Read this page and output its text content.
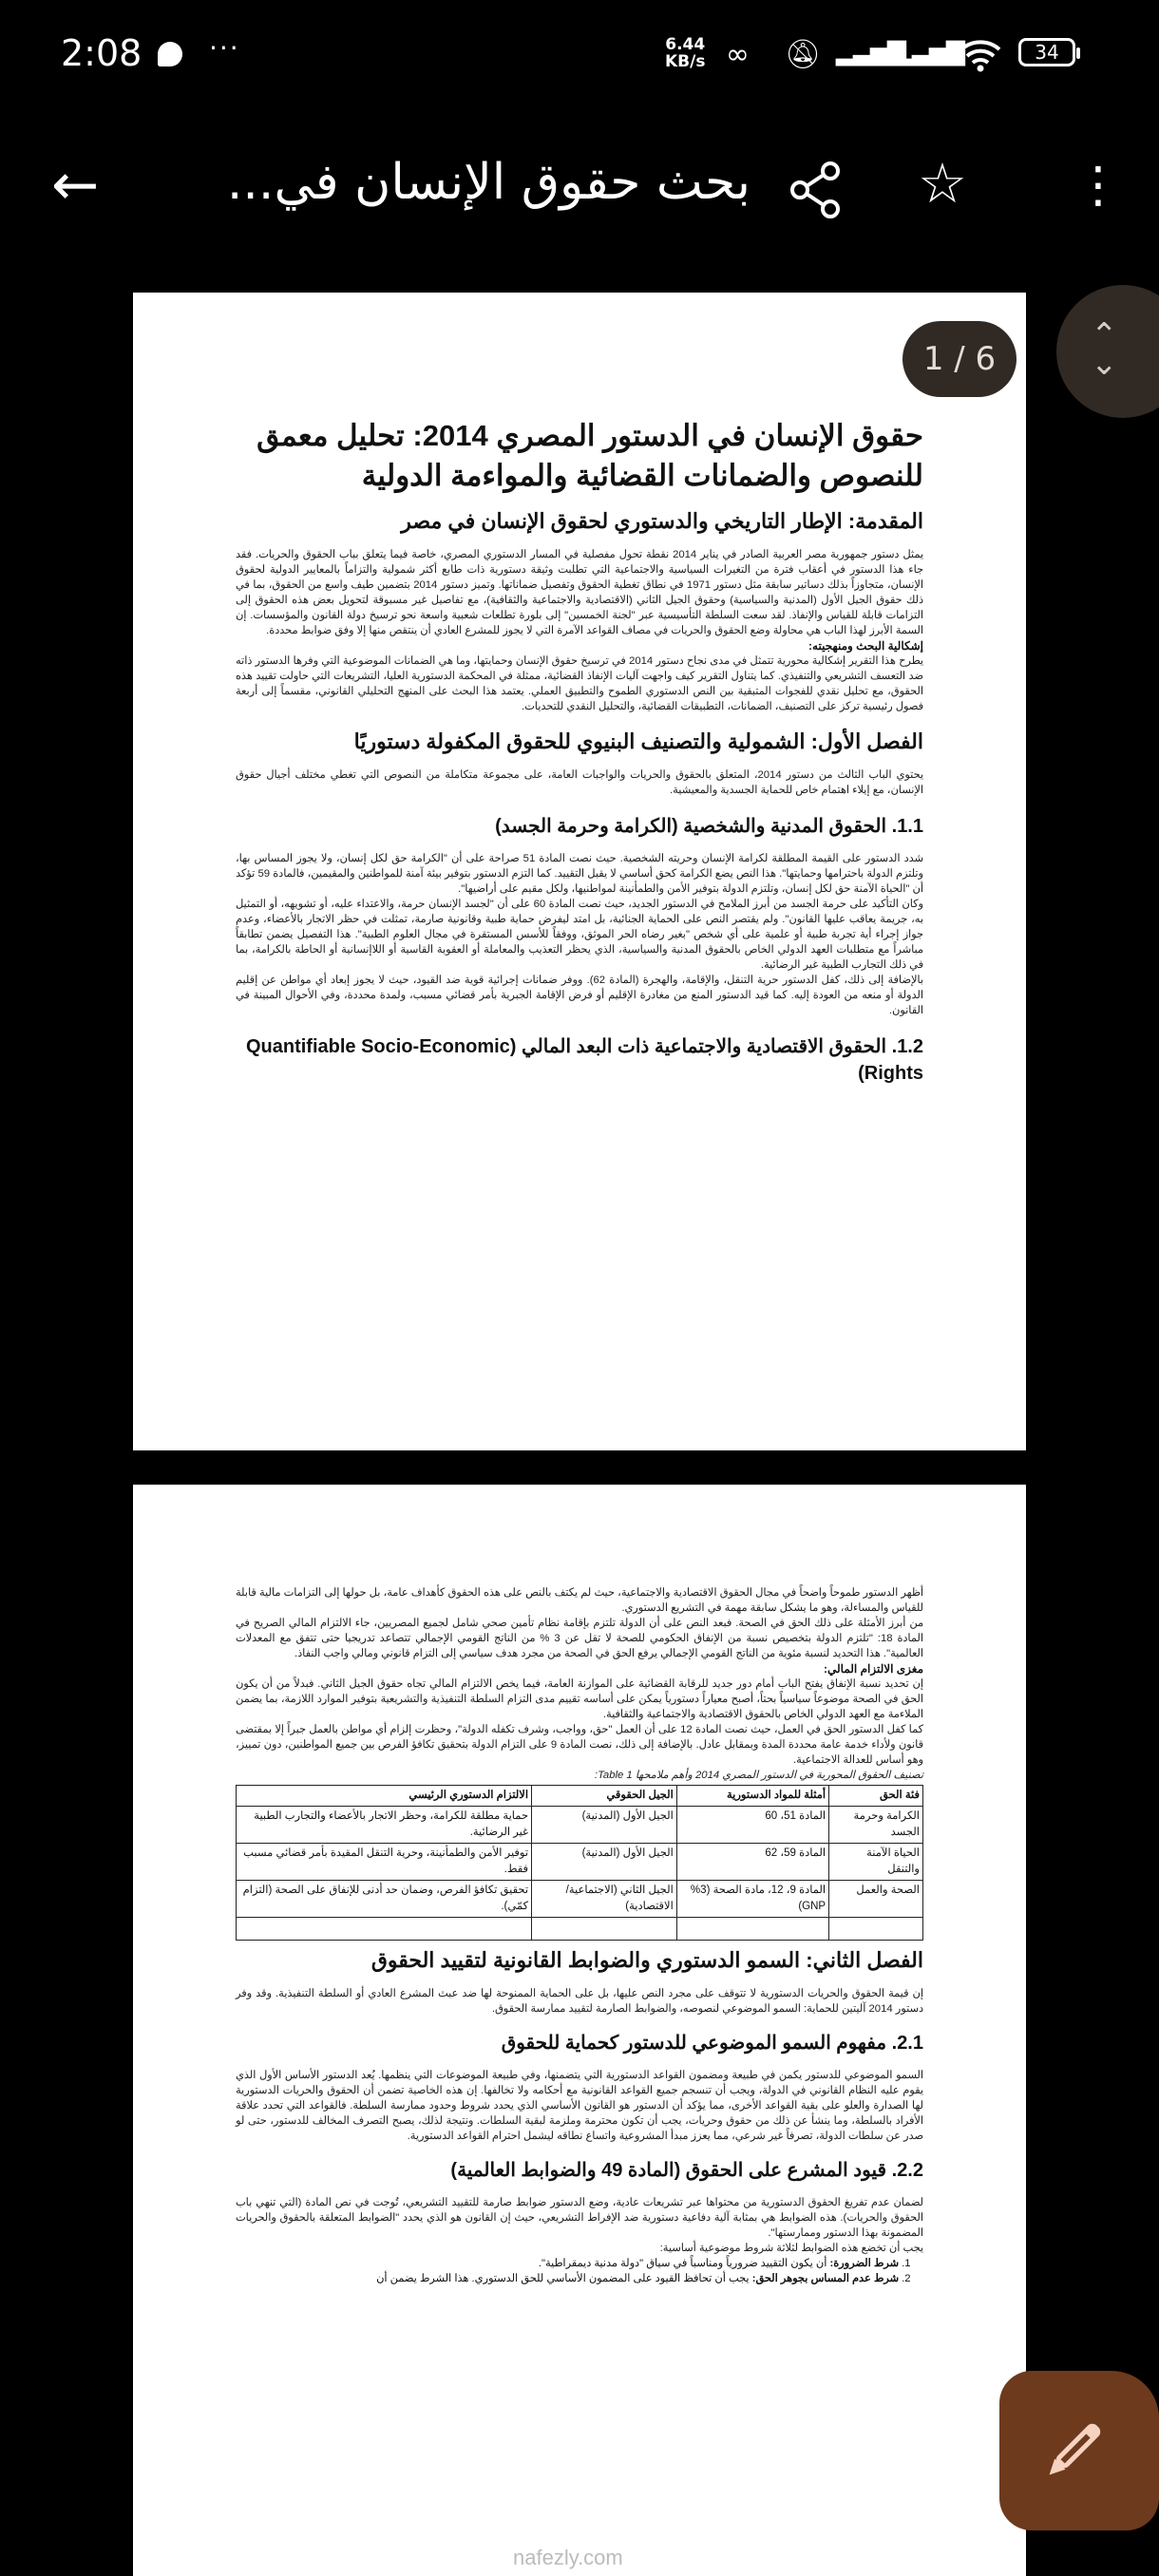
2:08	···	6.44
KB/s ∞ 🔕︎ ▂▃▅▇
▂▃▅▇	34
←	بحث حقوق الإنسان في...	☆ ⋮
حقوق الإنسان في الدستور المصري 2014: تحليل معمق للنصوص والضمانات القضائية والمواءمة الدولية
المقدمة: الإطار التاريخي والدستوري لحقوق الإنسان في مصر
يمثل دستور جمهورية مصر العربية الصادر في يناير 2014 نقطة تحول مفصلية في المسار الدستوري المصري، خاصة فيما يتعلق بباب الحقوق والحريات. فقد جاء هذا الدستور في أعقاب فترة من التغيرات السياسية والاجتماعية التي تطلبت وثيقة دستورية ذات طابع أكثر شمولية والتزاماً بالمعايير الدولية لحقوق الإنسان، متجاوزاً بذلك دساتير سابقة مثل دستور 1971 في نطاق تغطية الحقوق وتفصيل ضماناتها. وتميز دستور 2014 بتضمين طيف واسع من الحقوق، بما في ذلك حقوق الجيل الأول (المدنية والسياسية) وحقوق الجيل الثاني (الاقتصادية والاجتماعية والثقافية)، مع تفاصيل غير مسبوقة لتحويل بعض هذه الحقوق إلى التزامات قابلة للقياس والإنفاذ. لقد سعت السلطة التأسيسية عبر "لجنة الخمسين" إلى بلورة تطلعات شعبية واسعة نحو ترسيخ دولة القانون والمؤسسات. إن السمة الأبرز لهذا الباب هي محاولة وضع الحقوق والحريات في مصاف القواعد الآمرة التي لا يجوز للمشرع العادي أن ينتقص منها إلا وفق ضوابط محددة.
إشكالية البحث ومنهجيته:
يطرح هذا التقرير إشكالية محورية تتمثل في مدى نجاح دستور 2014 في ترسيخ حقوق الإنسان وحمايتها، وما هي الضمانات الموضوعية التي وفرها الدستور ذاته ضد التعسف التشريعي والتنفيذي. كما يتناول التقرير كيف واجهت آليات الإنفاذ القضائية، ممثلة في المحكمة الدستورية العليا، التشريعات التي حاولت تقييد هذه الحقوق، مع تحليل نقدي للفجوات المتبقية بين النص الدستوري الطموح والتطبيق العملي. يعتمد هذا البحث على المنهج التحليلي القانوني، مقسماً إلى أربعة فصول رئيسية تركز على التصنيف، الضمانات، التطبيقات القضائية، والتحليل النقدي للتحديات.
الفصل الأول: الشمولية والتصنيف البنيوي للحقوق المكفولة دستوريًا
يحتوي الباب الثالث من دستور 2014، المتعلق بالحقوق والحريات والواجبات العامة، على مجموعة متكاملة من النصوص التي تغطي مختلف أجيال حقوق الإنسان، مع إيلاء اهتمام خاص للحماية الجسدية والمعيشية.
1.1. الحقوق المدنية والشخصية (الكرامة وحرمة الجسد)
شدد الدستور على القيمة المطلقة لكرامة الإنسان وحريته الشخصية. حيث نصت المادة 51 صراحة على أن "الكرامة حق لكل إنسان، ولا يجوز المساس بها، وتلتزم الدولة باحترامها وحمايتها". هذا النص يضع الكرامة كحق أساسي لا يقبل التقييد. كما التزم الدستور بتوفير بيئة آمنة للمواطنين والمقيمين، فالمادة 59 تؤكد أن "الحياة الآمنة حق لكل إنسان، وتلتزم الدولة بتوفير الأمن والطمأنينة لمواطنيها، ولكل مقيم على أراضيها".
وكان التأكيد على حرمة الجسد من أبرز الملامح في الدستور الجديد، حيث نصت المادة 60 على أن "لجسد الإنسان حرمة، والاعتداء عليه، أو تشويهه، أو التمثيل به، جريمة يعاقب عليها القانون". ولم يقتصر النص على الحماية الجنائية، بل امتد ليفرض حماية طبية وقانونية صارمة، تمثلت في حظر الاتجار بالأعضاء، وعدم جواز إجراء أية تجربة طبية أو علمية على أي شخص "بغير رضاه الحر الموثق، ووفقاً للأسس المستقرة في مجال العلوم الطبية". هذا التفصيل يضمن تطابقاً مباشراً مع متطلبات العهد الدولي الخاص بالحقوق المدنية والسياسية، الذي يحظر التعذيب والمعاملة أو العقوبة القاسية أو اللاإنسانية أو الحاطة بالكرامة، بما في ذلك التجارب الطبية غير الرضائية.
بالإضافة إلى ذلك، كفل الدستور حرية التنقل، والإقامة، والهجرة (المادة 62). ووفر ضمانات إجرائية قوية ضد القيود، حيث لا يجوز إبعاد أي مواطن عن إقليم الدولة أو منعه من العودة إليه. كما قيد الدستور المنع من مغادرة الإقليم أو فرض الإقامة الجبرية بأمر قضائي مسبب، ولمدة محددة، وفي الأحوال المبينة في القانون.
1.2. الحقوق الاقتصادية والاجتماعية ذات البعد المالي (Quantifiable Socio-Economic Rights)
أظهر الدستور طموحاً واضحاً في مجال الحقوق الاقتصادية والاجتماعية، حيث لم يكتف بالنص على هذه الحقوق كأهداف عامة، بل حولها إلى التزامات مالية قابلة للقياس والمساءلة، وهو ما يشكل سابقة مهمة في التشريع الدستوري.
من أبرز الأمثلة على ذلك الحق في الصحة. فبعد النص على أن الدولة تلتزم بإقامة نظام تأمين صحي شامل لجميع المصريين، جاء الالتزام المالي الصريح في المادة 18: "تلتزم الدولة بتخصيص نسبة من الإنفاق الحكومي للصحة لا تقل عن 3 % من الناتج القومي الإجمالي تتصاعد تدريجيا حتى تتفق مع المعدلات العالمية". هذا التحديد لنسبة مئوية من الناتج القومي الإجمالي يرفع الحق في الصحة من مجرد هدف سياسي إلى التزام قانوني ومالي واجب النفاذ.
مغزى الالتزام المالي:
إن تحديد نسبة الإنفاق يفتح الباب أمام دور جديد للرقابة القضائية على الموازنة العامة، فيما يخص الالتزام المالي تجاه حقوق الجيل الثاني. فبدلاً من أن يكون الحق في الصحة موضوعاً سياسياً بحتاً، أصبح معياراً دستورياً يمكن على أساسه تقييم مدى التزام السلطة التنفيذية والتشريعية بتوفير الموارد اللازمة، بما يضمن الملاءمة مع العهد الدولي الخاص بالحقوق الاقتصادية والاجتماعية والثقافية.
كما كفل الدستور الحق في العمل، حيث نصت المادة 12 على أن العمل "حق، وواجب، وشرف تكفله الدولة"، وحظرت إلزام أي مواطن بالعمل جبراً إلا بمقتضى قانون ولأداء خدمة عامة محددة المدة وبمقابل عادل. بالإضافة إلى ذلك، نصت المادة 9 على التزام الدولة بتحقيق تكافؤ الفرص بين جميع المواطنين، دون تمييز، وهو أساس للعدالة الاجتماعية.
تصنيف الحقوق المحورية في الدستور المصري 2014 وأهم ملامحها Table 1:
فئة الحق	أمثلة للمواد الدستورية	الجيل الحقوقي	الالتزام الدستوري الرئيسي
الكرامة وحرمة الجسد	المادة 51، 60	الجيل الأول (المدنية)	حماية مطلقة للكرامة، وحظر الاتجار بالأعضاء والتجارب الطبية غير الرضائية.
الحياة الآمنة والتنقل	المادة 59، 62	الجيل الأول (المدنية)	توفير الأمن والطمأنينة، وحرية التنقل المقيدة بأمر قضائي مسبب فقط.
الصحة والعمل	المادة 9، 12، مادة الصحة (3% GNP)	الجيل الثاني (الاجتماعية/الاقتصادية)	تحقيق تكافؤ الفرص، وضمان حد أدنى للإنفاق على الصحة (التزام كمّي).

الفصل الثاني: السمو الدستوري والضوابط القانونية لتقييد الحقوق
إن قيمة الحقوق والحريات الدستورية لا تتوقف على مجرد النص عليها، بل على الحماية الممنوحة لها ضد عبث المشرع العادي أو السلطة التنفيذية. وقد وفر دستور 2014 آليتين للحماية: السمو الموضوعي لنصوصه، والضوابط الصارمة لتقييد ممارسة الحقوق.
2.1. مفهوم السمو الموضوعي للدستور كحماية للحقوق
السمو الموضوعي للدستور يكمن في طبيعة ومضمون القواعد الدستورية التي يتضمنها، وفي طبيعة الموضوعات التي ينظمها. يُعد الدستور الأساس الأول الذي يقوم عليه النظام القانوني في الدولة، ويجب أن تنسجم جميع القواعد القانونية مع أحكامه ولا تخالفها. إن هذه الخاصية تضمن أن الحقوق والحريات الدستورية لها الصدارة والعلو على بقية القواعد الأخرى، مما يؤكد أن الدستور هو القانون الأساسي الذي يحدد شروط وحدود ممارسة السلطة. فالقواعد التي تحدد علاقة الأفراد بالسلطة، وما ينشأ عن ذلك من حقوق وحريات، يجب أن تكون محترمة وملزمة لبقية السلطات. ونتيجة لذلك، يصبح التصرف المخالف للدستور، حتى لو صدر عن سلطات الدولة، تصرفاً غير شرعي، مما يعزز مبدأ المشروعية واتساع نطاقه ليشمل احترام القواعد الدستورية.
2.2. قيود المشرع على الحقوق (المادة 49 والضوابط العالمية)
لضمان عدم تفريغ الحقوق الدستورية من محتواها عبر تشريعات عادية، وضع الدستور ضوابط صارمة للتقييد التشريعي، تُوجت في نص المادة (التي تنهي باب الحقوق والحريات). هذه الضوابط هي بمثابة آلية دفاعية دستورية ضد الإفراط التشريعي، حيث إن القانون هو الذي يحدد "الضوابط المتعلقة بالحقوق والحريات المضمونة بهذا الدستور وممارستها".
يجب أن تخضع هذه الضوابط لثلاثة شروط موضوعية أساسية:
1. شرط الضرورة: أن يكون التقييد ضرورياً ومناسباً في سياق "دولة مدنية ديمقراطية".
2. شرط عدم المساس بجوهر الحق: يجب أن تحافظ القيود على المضمون الأساسي للحق الدستوري. هذا الشرط يضمن أن
1 / 6
⌃
⌄
nafezly.com
